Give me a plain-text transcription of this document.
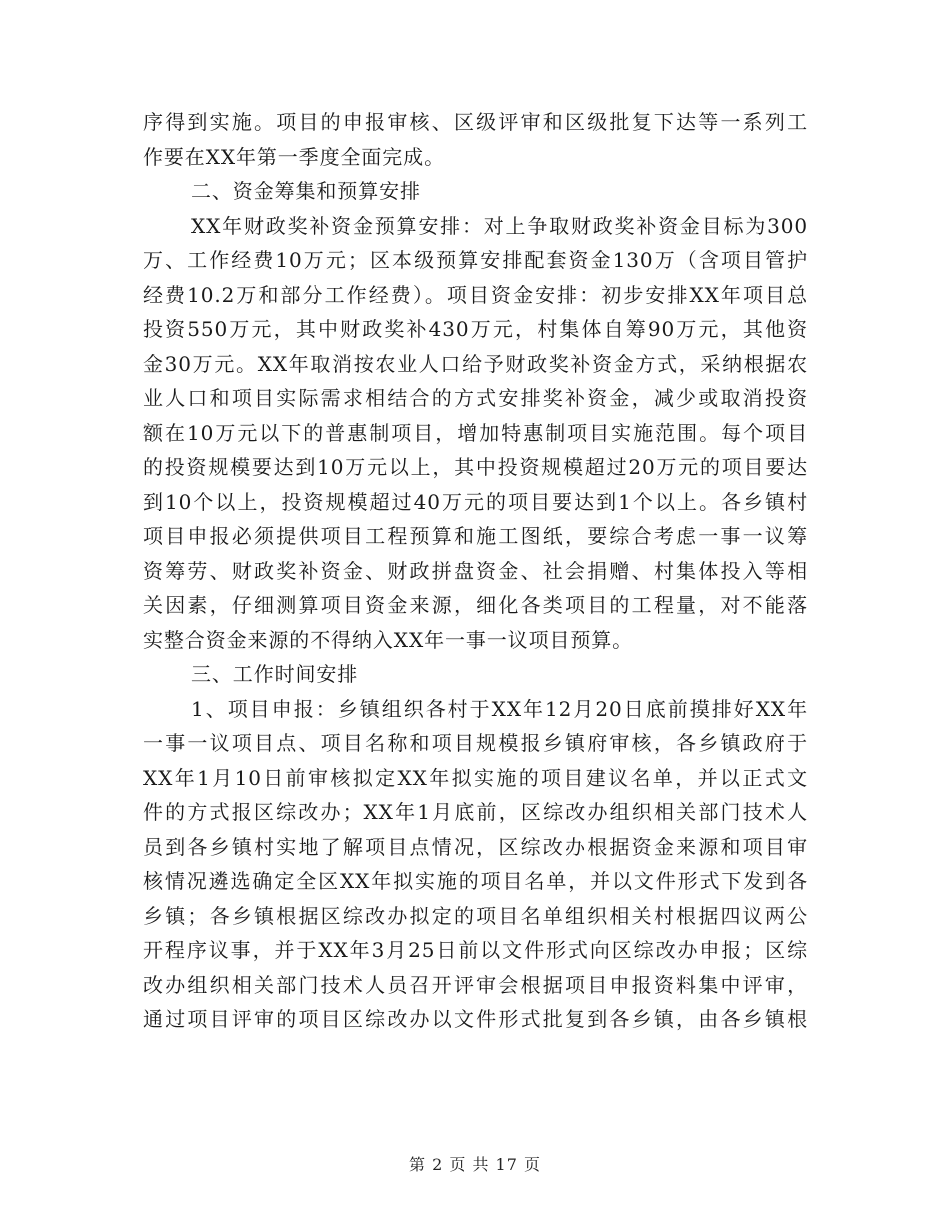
序得到实施。项目的申报审核、区级评审和区级批复下达等一系列工
作要在XX年第一季度全面完成。
二、资金筹集和预算安排
XX年财政奖补资金预算安排：对上争取财政奖补资金目标为300
万、工作经费10万元；区本级预算安排配套资金130万（含项目管护
经费10.2万和部分工作经费）。项目资金安排：初步安排XX年项目总
投资550万元，其中财政奖补430万元，村集体自筹90万元，其他资
金30万元。XX年取消按农业人口给予财政奖补资金方式，采纳根据农
业人口和项目实际需求相结合的方式安排奖补资金，减少或取消投资
额在10万元以下的普惠制项目，增加特惠制项目实施范围。每个项目
的投资规模要达到10万元以上，其中投资规模超过20万元的项目要达
到10个以上，投资规模超过40万元的项目要达到1个以上。各乡镇村
项目申报必须提供项目工程预算和施工图纸，要综合考虑一事一议筹
资筹劳、财政奖补资金、财政拼盘资金、社会捐赠、村集体投入等相
关因素，仔细测算项目资金来源，细化各类项目的工程量，对不能落
实整合资金来源的不得纳入XX年一事一议项目预算。
三、工作时间安排
1、项目申报：乡镇组织各村于XX年12月20日底前摸排好XX年
一事一议项目点、项目名称和项目规模报乡镇府审核，各乡镇政府于
XX年1月10日前审核拟定XX年拟实施的项目建议名单，并以正式文
件的方式报区综改办；XX年1月底前，区综改办组织相关部门技术人
员到各乡镇村实地了解项目点情况，区综改办根据资金来源和项目审
核情况遴选确定全区XX年拟实施的项目名单，并以文件形式下发到各
乡镇；各乡镇根据区综改办拟定的项目名单组织相关村根据四议两公
开程序议事，并于XX年3月25日前以文件形式向区综改办申报；区综
改办组织相关部门技术人员召开评审会根据项目申报资料集中评审，
通过项目评审的项目区综改办以文件形式批复到各乡镇，由各乡镇根
第 2 页 共 17 页
